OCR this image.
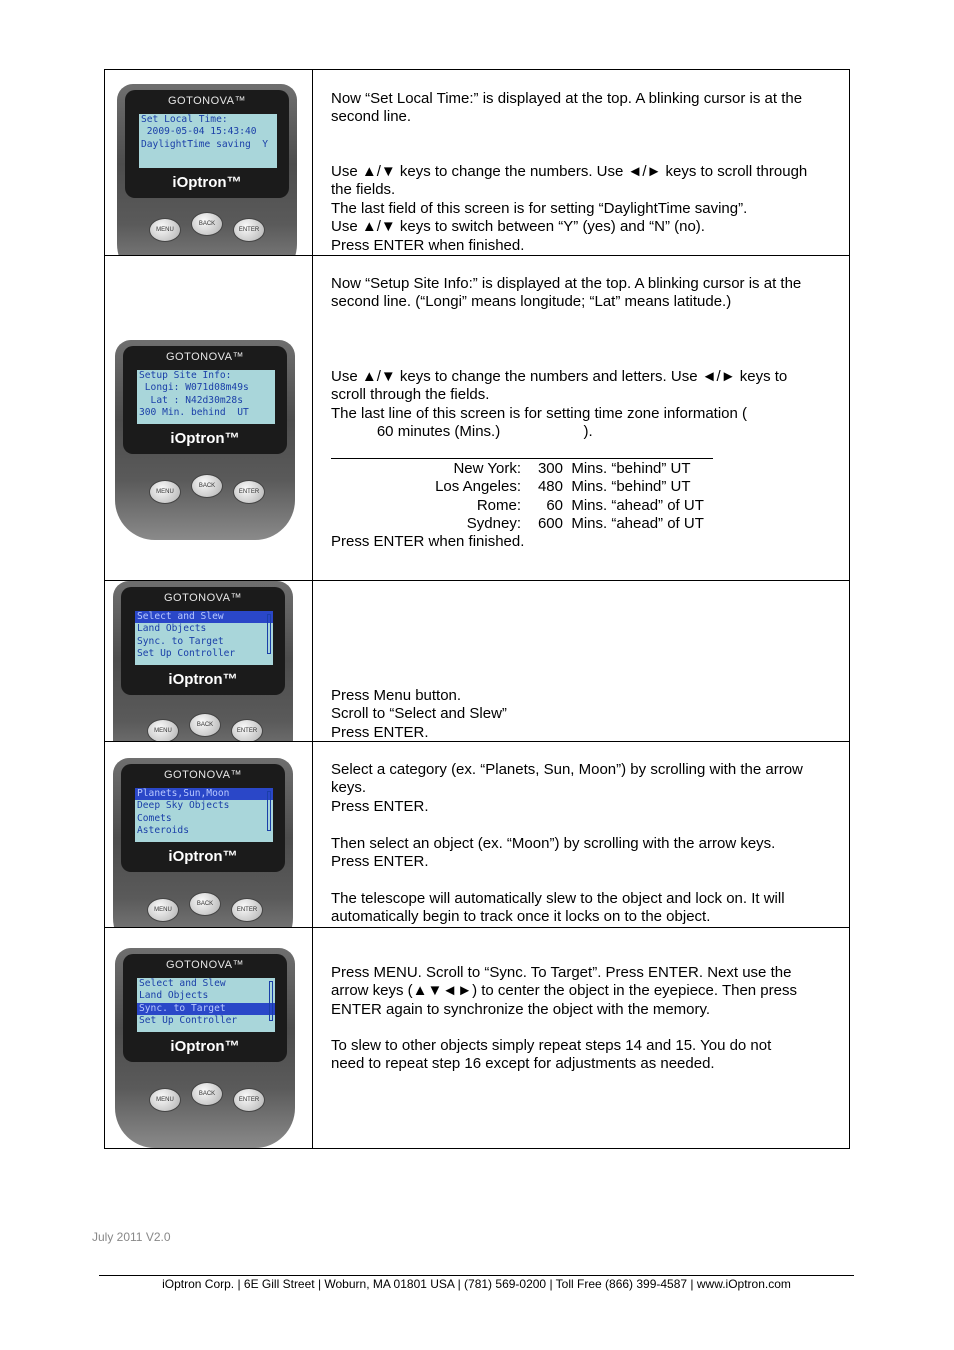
GOTONOVA™
Set Local Time:
2009-05-04 15:43:40
DaylightTime saving  Y
iOptron™
MENU
BACK
ENTER

Now “Set Local Time:” is displayed at the top. A blinking cursor is at the
second line.

Use ▲/▼ keys to change the numbers. Use ◄/► keys to scroll through
the fields.
The last field of this screen is for setting “DaylightTime saving”.
Use ▲/▼ keys to switch between “Y” (yes) and “N” (no).
Press ENTER when finished.

GOTONOVA™
Setup Site Info:
Longi: W071d08m49s
Lat : N42d30m28s
300 Min. behind  UT
iOptron™
MENU
BACK
ENTER

Now “Setup Site Info:” is displayed at the top. A blinking cursor is at the
second line. (“Longi” means longitude; “Lat” means latitude.)

Use ▲/▼ keys to change the numbers and letters. Use ◄/► keys to
scroll through the fields.
The last line of this screen is for setting time zone information (
60 minutes (Mins.)                    ).

New York: 300 Mins. “behind” UT
Los Angeles: 480 Mins. “behind” UT
Rome: 60 Mins. “ahead” of UT
Sydney: 600 Mins. “ahead” of UT

Press ENTER when finished.

GOTONOVA™
Select and Slew
Land Objects
Sync. to Target
Set Up Controller
iOptron™
MENU
BACK
ENTER

Press Menu button.
Scroll to “Select and Slew”
Press ENTER.

GOTONOVA™
Planets,Sun,Moon
Deep Sky Objects
Comets
Asteroids
iOptron™
MENU
BACK
ENTER

Select a category (ex. “Planets, Sun, Moon”) by scrolling with the arrow
keys.
Press ENTER.

Then select an object (ex. “Moon”) by scrolling with the arrow keys.
Press ENTER.

The telescope will automatically slew to the object and lock on. It will
automatically begin to track once it locks on to the object.

GOTONOVA™
Select and Slew
Land Objects
Sync. to Target
Set Up Controller
iOptron™
MENU
BACK
ENTER

Press MENU. Scroll to “Sync. To Target”. Press ENTER. Next use the
arrow keys (▲▼◄►) to center the object in the eyepiece. Then press
ENTER again to synchronize the object with the memory.

To slew to other objects simply repeat steps 14 and 15. You do not
need to repeat step 16 except for adjustments as needed.

July 2011 V2.0
iOptron Corp. | 6E Gill Street | Woburn, MA 01801 USA | (781) 569-0200 | Toll Free (866) 399-4587 | www.iOptron.com
